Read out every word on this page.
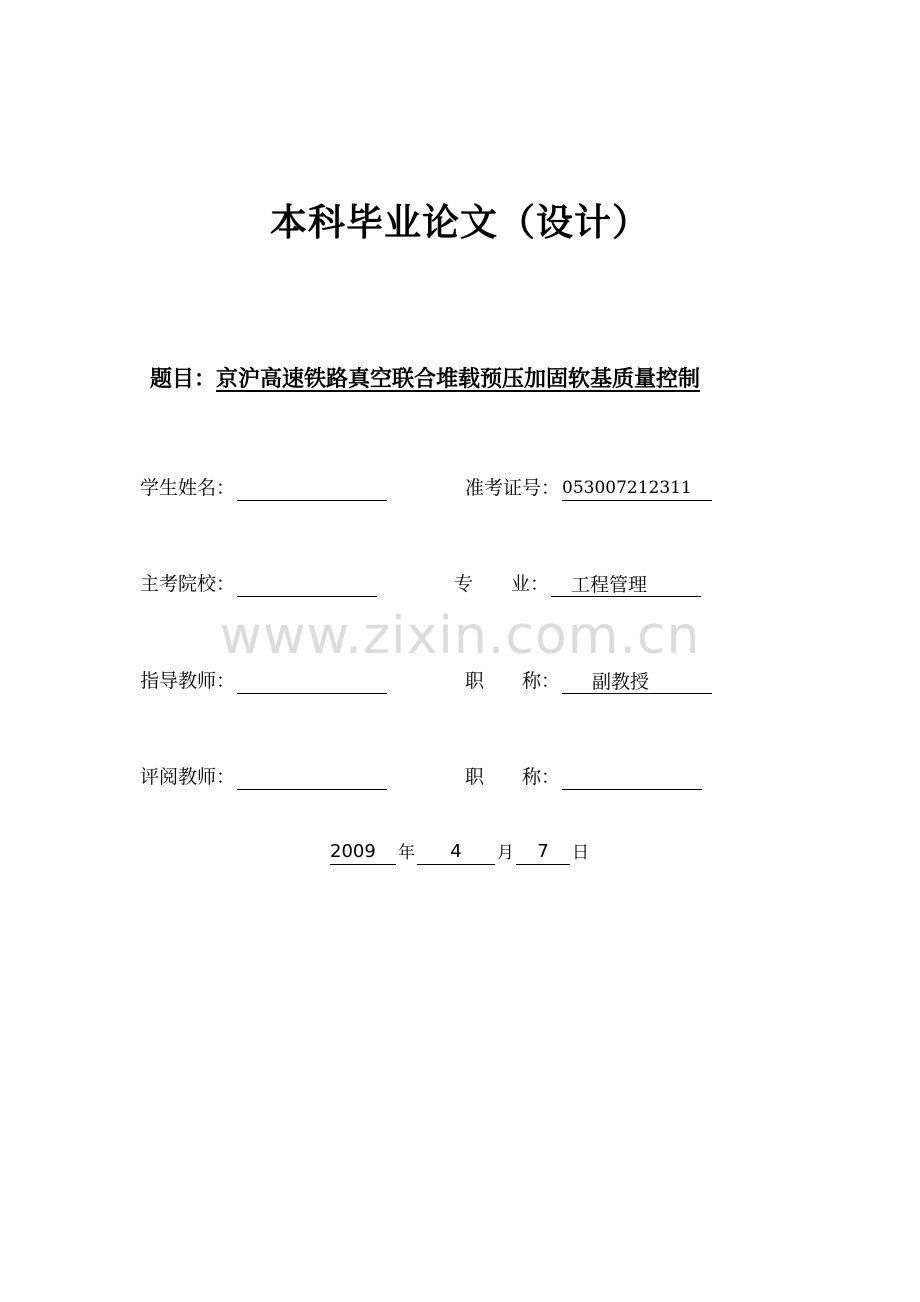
本科毕业论文（设计）
题目：京沪高速铁路真空联合堆载预压加固软基质量控制
学生姓名：	准考证号： 053007212311
主考院校：	专　　业：	工程管理
www.zixin.com.cn
指导教师：	职　　称：	副教授
评阅教师：	职　　称：
2009	年	4	月	7	日
